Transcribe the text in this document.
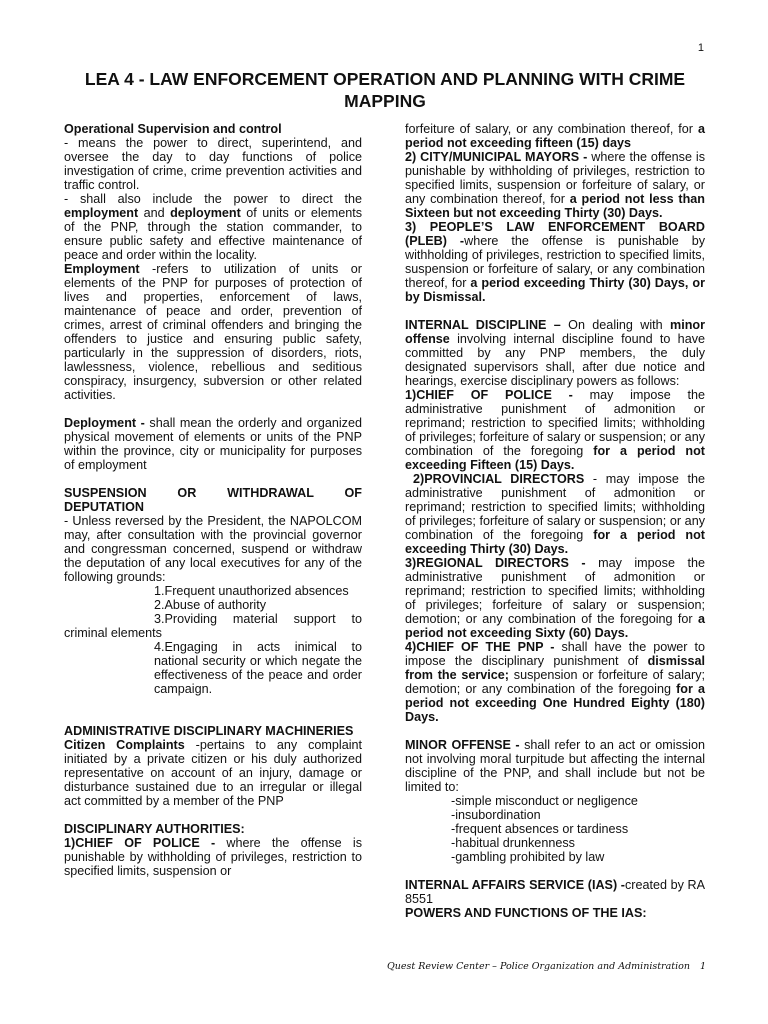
1
LEA 4 - LAW ENFORCEMENT OPERATION AND PLANNING WITH CRIME MAPPING

Operational Supervision and control

- means the power to direct, superintend, and oversee the day to day functions of police investigation of crime, crime prevention activities and traffic control.

- shall also include the power to direct the employment and deployment of units or elements of the PNP, through the station commander, to ensure public safety and effective maintenance of peace and order within the locality.

Employment -refers to utilization of units or elements of the PNP for purposes of protection of lives and properties, enforcement of laws, maintenance of peace and order, prevention of crimes, arrest of criminal offenders and bringing the offenders to justice and ensuring public safety, particularly in the suppression of disorders, riots, lawlessness, violence, rebellious and seditious conspiracy, insurgency, subversion or other related activities.

Deployment - shall mean the orderly and organized physical movement of elements or units of the PNP within the province, city or municipality for purposes of employment

SUSPENSION OR WITHDRAWAL OF DEPUTATION

- Unless reversed by the President, the NAPOLCOM may, after consultation with the provincial governor and congressman concerned, suspend or withdraw the deputation of any local executives for any of the following grounds:

1.Frequent unauthorized absences

2.Abuse of authority

3.Providing material support to criminal elements

4.Engaging in acts inimical to national security or which negate the effectiveness of the peace and order campaign.

ADMINISTRATIVE DISCIPLINARY MACHINERIES

Citizen Complaints -pertains to any complaint initiated by a private citizen or his duly authorized representative on account of an injury, damage or disturbance sustained due to an irregular or illegal act committed by a member of the PNP

DISCIPLINARY AUTHORITIES:

1)CHIEF OF POLICE - where the offense is punishable by withholding of privileges, restriction to specified limits, suspension or

forfeiture of salary, or any combination thereof, for a period not exceeding fifteen (15) days

2) CITY/MUNICIPAL MAYORS - where the offense is punishable by withholding of privileges, restriction to specified limits, suspension or forfeiture of salary, or any combination thereof, for a period not less than Sixteen but not exceeding Thirty (30) Days.

3) PEOPLE’S LAW ENFORCEMENT BOARD (PLEB) -where the offense is punishable by withholding of privileges, restriction to specified limits, suspension or forfeiture of salary, or any combination thereof, for a period exceeding Thirty (30) Days, or by Dismissal.

INTERNAL DISCIPLINE – On dealing with minor offense involving internal discipline found to have committed by any PNP members, the duly designated supervisors shall, after due notice and hearings, exercise disciplinary powers as follows:

1)CHIEF OF POLICE - may impose the administrative punishment of admonition or reprimand; restriction to specified limits; withholding of privileges; forfeiture of salary or suspension; or any combination of the foregoing for a period not exceeding Fifteen (15) Days.

2)PROVINCIAL DIRECTORS - may impose the administrative punishment of admonition or reprimand; restriction to specified limits; withholding of privileges; forfeiture of salary or suspension; or any combination of the foregoing for a period not exceeding Thirty (30) Days.

3)REGIONAL DIRECTORS - may impose the administrative punishment of admonition or reprimand; restriction to specified limits; withholding of privileges; forfeiture of salary or suspension; demotion; or any combination of the foregoing for a period not exceeding Sixty (60) Days.

4)CHIEF OF THE PNP - shall have the power to impose the disciplinary punishment of dismissal from the service; suspension or forfeiture of salary; demotion; or any combination of the foregoing for a period not exceeding One Hundred Eighty (180) Days.

MINOR OFFENSE - shall refer to an act or omission not involving moral turpitude but affecting the internal discipline of the PNP, and shall include but not be limited to:

-simple misconduct or negligence

-insubordination

-frequent absences or tardiness

-habitual drunkenness

-gambling prohibited by law

INTERNAL AFFAIRS SERVICE (IAS) -created by RA 8551

POWERS AND FUNCTIONS OF THE IAS:

Quest Review Center – Police Organization and Administration 1
